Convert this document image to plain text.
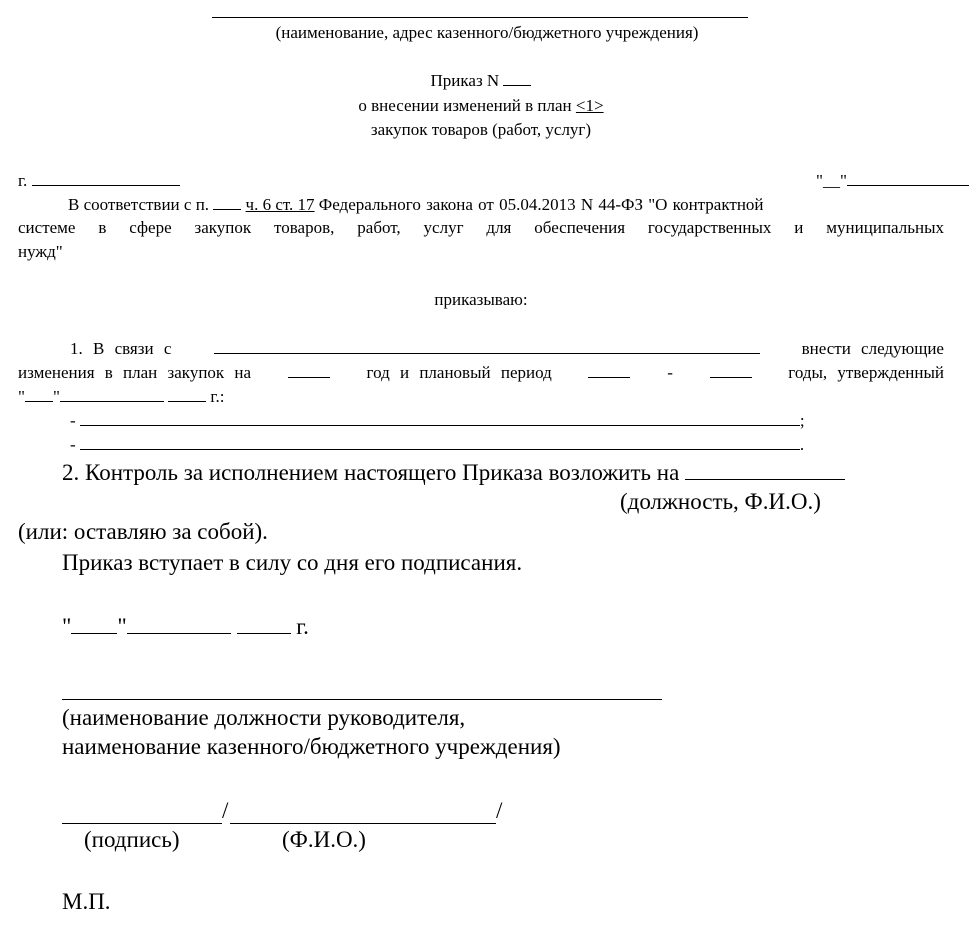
(наименование, адрес казенного/бюджетного учреждения)
Приказ N
о внесении изменений в план <1>
закупок товаров (работ, услуг)
г.	"__"
В соответствии с п. ч. 6 ст. 17 Федерального закона от 05.04.2013 N 44-ФЗ "О контрактной
системе в сфере закупок товаров, работ, услуг для обеспечения государственных и муниципальных
нужд"
приказываю:
1. В связи с	внести следующие
изменения в план закупок на	год и плановый период	-	годы, утвержденный
" "	г.:
-	;
-	.
2. Контроль за исполнением настоящего Приказа возложить на
(должность, Ф.И.О.)
(или: оставляю за собой).
Приказ вступает в силу со дня его подписания.
" "	г.
(наименование должности руководителя,
наименование казенного/бюджетного учреждения)
/	/
(подпись)	(Ф.И.О.)
М.П.
